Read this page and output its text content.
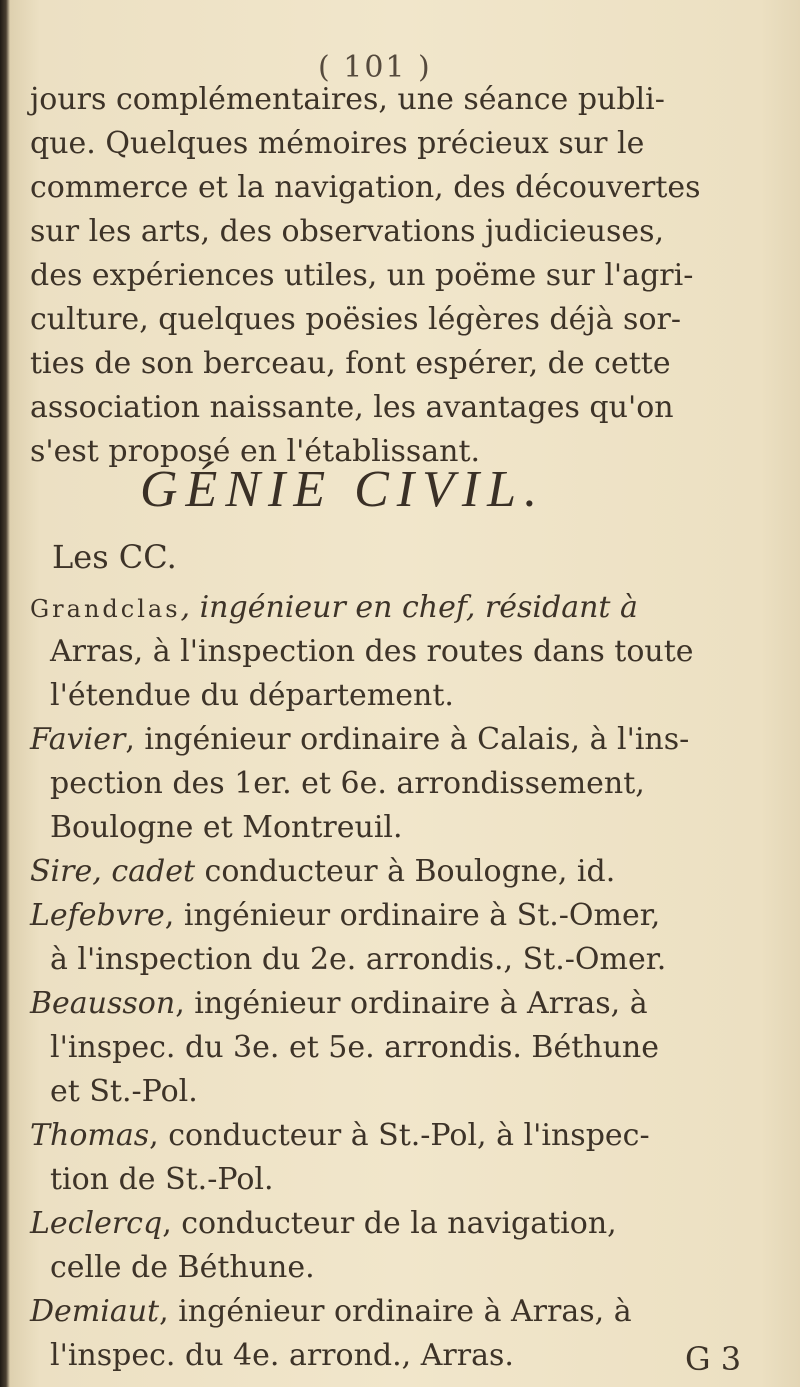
( 101 )
jours complémentaires, une séance publi-
que. Quelques mémoires précieux sur le
commerce et la navigation, des découvertes
sur les arts, des observations judicieuses,
des expériences utiles, un poëme sur l'agri-
culture, quelques poësies légères déjà sor-
ties de son berceau, font espérer, de cette
association naissante, les avantages qu'on
s'est proposé en l'établissant.
GÉNIE CIVIL.
Les CC.
Grandclas, ingénieur en chef, résidant à
Arras, à l'inspection des routes dans toute
l'étendue du département.
Favier, ingénieur ordinaire à Calais, à l'ins-
pection des 1er. et 6e. arrondissement,
Boulogne et Montreuil.
Sire, cadet conducteur à Boulogne, id.
Lefebvre, ingénieur ordinaire à St.-Omer,
à l'inspection du 2e. arrondis., St.-Omer.
Beausson, ingénieur ordinaire à Arras, à
l'inspec. du 3e. et 5e. arrondis. Béthune
et St.-Pol.
Thomas, conducteur à St.-Pol, à l'inspec-
tion de St.-Pol.
Leclercq, conducteur de la navigation,
celle de Béthune.
Demiaut, ingénieur ordinaire à Arras, à
l'inspec. du 4e. arrond., Arras.	G 3
